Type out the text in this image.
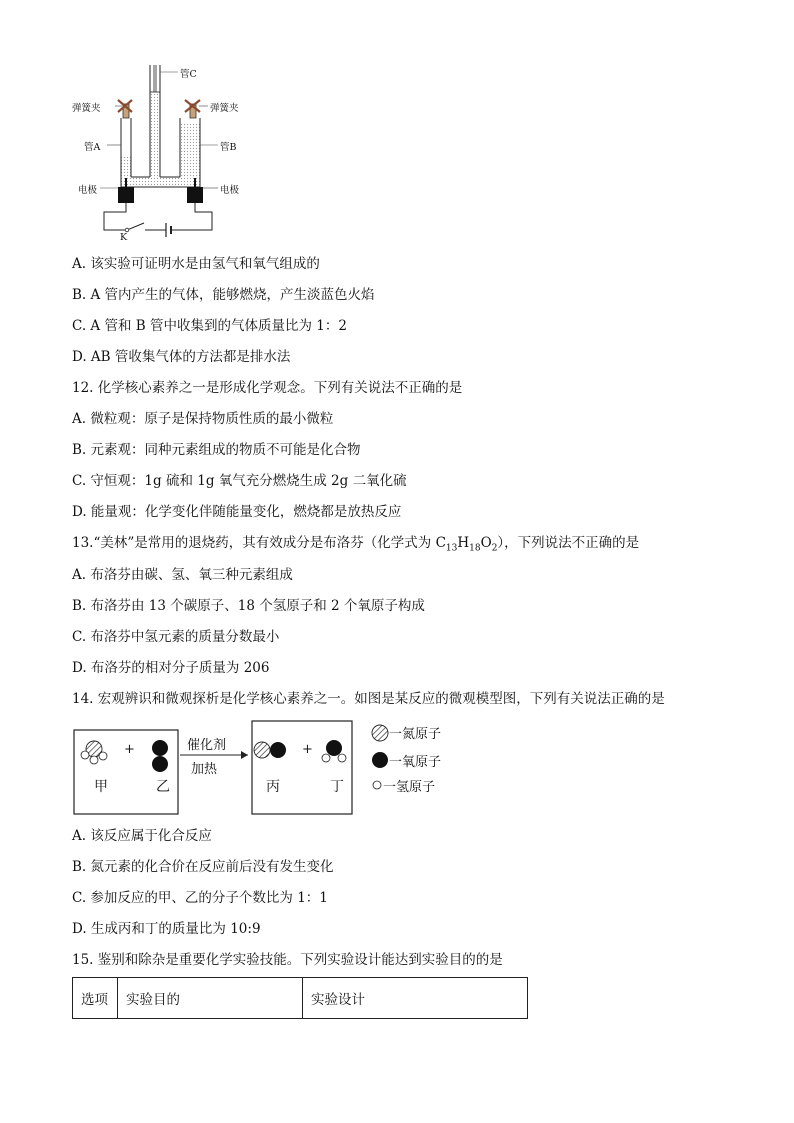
管C
弹簧夹	弹簧夹
管A	管B
电极	电极
K
A. 该实验可证明水是由氢气和氧气组成的
B. A 管内产生的气体，能够燃烧，产生淡蓝色火焰
C. A 管和 B 管中收集到的气体质量比为 1：2
D. AB 管收集气体的方法都是排水法
12. 化学核心素养之一是形成化学观念。下列有关说法不正确的是
A. 微粒观：原子是保持物质性质的最小微粒
B. 元素观：同种元素组成的物质不可能是化合物
C. 守恒观：1g 硫和 1g 氧气充分燃烧生成 2g 二氧化硫
D. 能量观：化学变化伴随能量变化，燃烧都是放热反应
13.“美林”是常用的退烧药，其有效成分是布洛芬（化学式为 $C_{13}H_{18}O_2$），下列说法不正确的是
A. 布洛芬由碳、氢、氧三种元素组成
B. 布洛芬由 13 个碳原子、18 个氢原子和 2 个氧原子构成
C. 布洛芬中氢元素的质量分数最小
D. 布洛芬的相对分子质量为 206
14. 宏观辨识和微观探析是化学核心素养之一。如图是某反应的微观模型图，下列有关说法正确的是
+	+
甲	乙	丙	丁
催化剂
加热
一氮原子
一氧原子
一氢原子
A. 该反应属于化合反应
B. 氮元素的化合价在反应前后没有发生变化
C. 参加反应的甲、乙的分子个数比为 1：1
D. 生成丙和丁的质量比为 10:9
15. 鉴别和除杂是重要化学实验技能。下列实验设计能达到实验目的的是
选项	实验目的	实验设计
